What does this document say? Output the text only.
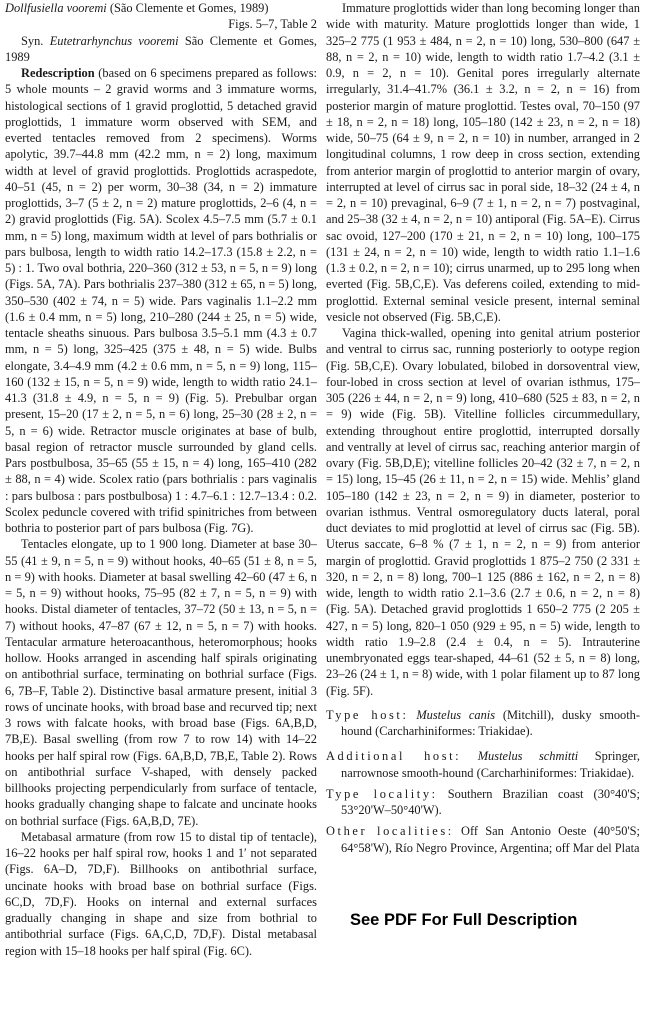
Dollfusiella vooremi (São Clemente et Gomes, 1989)

Figs. 5–7, Table 2

Syn. Eutetrarhynchus vooremi São Clemente et Gomes, 1989

Redescription (based on 6 specimens prepared as follows: 5 whole mounts – 2 gravid worms and 3 immature worms, histological sections of 1 gravid proglottid, 5 detached gravid proglottids, 1 immature worm observed with SEM, and everted tentacles removed from 2 specimens). Worms apolytic, 39.7–44.8 mm (42.2 mm, n = 2) long, maximum width at level of gravid proglottids. Proglottids acraspedote, 40–51 (45, n = 2) per worm, 30–38 (34, n = 2) immature proglottids, 3–7 (5 ± 2, n = 2) mature proglottids, 2–6 (4, n = 2) gravid proglottids (Fig. 5A). Scolex 4.5–7.5 mm (5.7 ± 0.1 mm, n = 5) long, maximum width at level of pars bothrialis or pars bulbosa, length to width ratio 14.2–17.3 (15.8 ± 2.2, n = 5) : 1. Two oval bothria, 220–360 (312 ± 53, n = 5, n = 9) long (Figs. 5A, 7A). Pars bothrialis 237–380 (312 ± 65, n = 5) long, 350–530 (402 ± 74, n = 5) wide. Pars vaginalis 1.1–2.2 mm (1.6 ± 0.4 mm, n = 5) long, 210–280 (244 ± 25, n = 5) wide, tentacle sheaths sinuous. Pars bulbosa 3.5–5.1 mm (4.3 ± 0.7 mm, n = 5) long, 325–425 (375 ± 48, n = 5) wide. Bulbs elongate, 3.4–4.9 mm (4.2 ± 0.6 mm, n = 5, n = 9) long, 115–160 (132 ± 15, n = 5, n = 9) wide, length to width ratio 24.1–41.3 (31.8 ± 4.9, n = 5, n = 9) (Fig. 5). Prebulbar organ present, 15–20 (17 ± 2, n = 5, n = 6) long, 25–30 (28 ± 2, n = 5, n = 6) wide. Retractor muscle originates at base of bulb, basal region of retractor muscle surrounded by gland cells. Pars postbulbosa, 35–65 (55 ± 15, n = 4) long, 165–410 (282 ± 88, n = 4) wide. Scolex ratio (pars bothrialis : pars vaginalis : pars bulbosa : pars postbulbosa) 1 : 4.7–6.1 : 12.7–13.4 : 0.2. Scolex peduncle covered with trifid spinitriches from between bothria to posterior part of pars bulbosa (Fig. 7G).

Tentacles elongate, up to 1 900 long. Diameter at base 30–55 (41 ± 9, n = 5, n = 9) without hooks, 40–65 (51 ± 8, n = 5, n = 9) with hooks. Diameter at basal swelling 42–60 (47 ± 6, n = 5, n = 9) without hooks, 75–95 (82 ± 7, n = 5, n = 9) with hooks. Distal diameter of tentacles, 37–72 (50 ± 13, n = 5, n = 7) without hooks, 47–87 (67 ± 12, n = 5, n = 7) with hooks. Tentacular armature heteroacanthous, heteromorphous; hooks hollow. Hooks arranged in ascending half spirals originating on antibothrial surface, terminating on bothrial surface (Figs. 6, 7B–F, Table 2). Distinctive basal armature present, initial 3 rows of uncinate hooks, with broad base and recurved tip; next 3 rows with falcate hooks, with broad base (Figs. 6A,B,D, 7B,E). Basal swelling (from row 7 to row 14) with 14–22 hooks per half spiral row (Figs. 6A,B,D, 7B,E, Table 2). Rows on antibothrial surface V-shaped, with densely packed billhooks projecting perpendicularly from surface of tentacle, hooks gradually changing shape to falcate and uncinate hooks on bothrial surface (Figs. 6A,B,D, 7E).

Metabasal armature (from row 15 to distal tip of tentacle), 16–22 hooks per half spiral row, hooks 1 and 1′ not separated (Figs. 6A–D, 7D,F). Billhooks on antibothrial surface, uncinate hooks with broad base on bothrial surface (Figs. 6C,D, 7D,F). Hooks on internal and external surfaces gradually changing in shape and size from bothrial to antibothrial surface (Figs. 6A,C,D, 7D,F). Distal metabasal region with 15–18 hooks per half spiral (Fig. 6C).

Immature proglottids wider than long becoming longer than wide with maturity. Mature proglottids longer than wide, 1 325–2 775 (1 953 ± 484, n = 2, n = 10) long, 530–800 (647 ± 88, n = 2, n = 10) wide, length to width ratio 1.7–4.2 (3.1 ± 0.9, n = 2, n = 10). Genital pores irregularly alternate irregularly, 31.4–41.7% (36.1 ± 3.2, n = 2, n = 16) from posterior margin of mature proglottid. Testes oval, 70–150 (97 ± 18, n = 2, n = 18) long, 105–180 (142 ± 23, n = 2, n = 18) wide, 50–75 (64 ± 9, n = 2, n = 10) in number, arranged in 2 longitudinal columns, 1 row deep in cross section, extending from anterior margin of proglottid to anterior margin of ovary, interrupted at level of cirrus sac in poral side, 18–32 (24 ± 4, n = 2, n = 10) prevaginal, 6–9 (7 ± 1, n = 2, n = 7) postvaginal, and 25–38 (32 ± 4, n = 2, n = 10) antiporal (Fig. 5A–E). Cirrus sac ovoid, 127–200 (170 ± 21, n = 2, n = 10) long, 100–175 (131 ± 24, n = 2, n = 10) wide, length to width ratio 1.1–1.6 (1.3 ± 0.2, n = 2, n = 10); cirrus unarmed, up to 295 long when everted (Fig. 5B,C,E). Vas deferens coiled, extending to mid-proglottid. External seminal vesicle present, internal seminal vesicle not observed (Fig. 5B,C,E).

Vagina thick-walled, opening into genital atrium posterior and ventral to cirrus sac, running posteriorly to ootype region (Fig. 5B,C,E). Ovary lobulated, bilobed in dorsoventral view, four-lobed in cross section at level of ovarian isthmus, 175–305 (226 ± 44, n = 2, n = 9) long, 410–680 (525 ± 83, n = 2, n = 9) wide (Fig. 5B). Vitelline follicles circummedullary, extending throughout entire proglottid, interrupted dorsally and ventrally at level of cirrus sac, reaching anterior margin of ovary (Fig. 5B,D,E); vitelline follicles 20–42 (32 ± 7, n = 2, n = 15) long, 15–45 (26 ± 11, n = 2, n = 15) wide. Mehlis’ gland 105–180 (142 ± 23, n = 2, n = 9) in diameter, posterior to ovarian isthmus. Ventral osmoregulatory ducts lateral, poral duct deviates to mid proglottid at level of cirrus sac (Fig. 5B). Uterus saccate, 6–8 % (7 ± 1, n = 2, n = 9) from anterior margin of proglottid. Gravid proglottids 1 875–2 750 (2 331 ± 320, n = 2, n = 8) long, 700–1 125 (886 ± 162, n = 2, n = 8) wide, length to width ratio 2.1–3.6 (2.7 ± 0.6, n = 2, n = 8) (Fig. 5A). Detached gravid proglottids 1 650–2 775 (2 205 ± 427, n = 5) long, 820–1 050 (929 ± 95, n = 5) wide, length to width ratio 1.9–2.8 (2.4 ± 0.4, n = 5). Intrauterine unembryonated eggs tear-shaped, 44–61 (52 ± 5, n = 8) long, 23–26 (24 ± 1, n = 8) wide, with 1 polar filament up to 87 long (Fig. 5F).

Type host: Mustelus canis (Mitchill), dusky smooth-hound (Carcharhiniformes: Triakidae).

Additional host: Mustelus schmitti Springer, narrownose smooth-hound (Carcharhiniformes: Triakidae).

Type locality: Southern Brazilian coast (30°40'S; 53°20'W–50°40'W).

Other localities: Off San Antonio Oeste (40°50'S; 64°58'W), Río Negro Province, Argentina; off Mar del Plata

See PDF For Full Description
